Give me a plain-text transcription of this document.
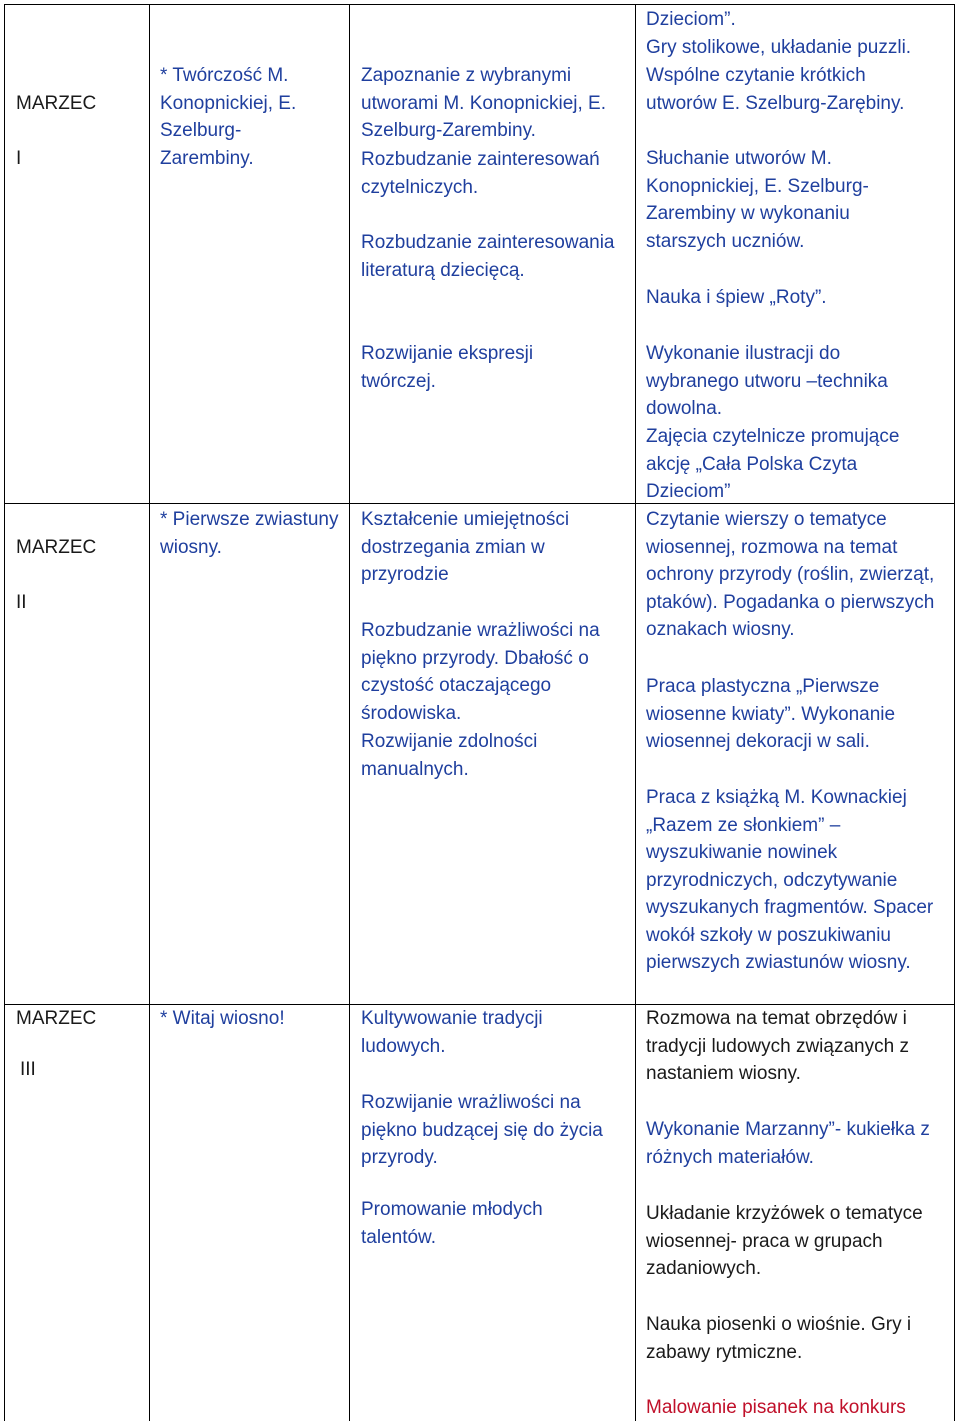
MARZEC

I

* Twórczość M. Konopnickiej, E. Szelburg-
Zarembiny.
Zapoznanie z wybranymi utworami M. Konopnickiej, E. Szelburg-Zarembiny.
Rozbudzanie zainteresowań czytelniczych.
Rozbudzanie zainteresowania literaturą dziecięcą.
Rozwijanie ekspresji twórczej.
Dzieciom”.
Gry stolikowe, układanie puzzli.
Wspólne czytanie krótkich utworów E. Szelburg-Zarębiny.
Słuchanie utworów M. Konopnickiej, E. Szelburg-
Zarembiny w wykonaniu starszych uczniów.
Nauka i śpiew „Roty”.
Wykonanie ilustracji do wybranego utworu –technika dowolna.
Zajęcia czytelnicze promujące akcję „Cała Polska Czyta Dzieciom”

MARZEC

II

* Pierwsze zwiastuny wiosny.
Kształcenie umiejętności dostrzegania zmian w przyrodzie
Rozbudzanie wrażliwości na piękno przyrody. Dbałość o czystość otaczającego środowiska.
Rozwijanie zdolności manualnych.
Czytanie wierszy o tematyce wiosennej, rozmowa na temat ochrony przyrody (roślin, zwierząt, ptaków). Pogadanka o pierwszych oznakach wiosny.
Praca plastyczna „Pierwsze wiosenne kwiaty”. Wykonanie wiosennej dekoracji w sali.
Praca z książką M. Kownackiej „Razem ze słonkiem” – wyszukiwanie nowinek przyrodniczych, odczytywanie wyszukanych fragmentów. Spacer wokół szkoły w poszukiwaniu pierwszych zwiastunów wiosny.
MARZEC
III
* Witaj wiosno!	Kultywowanie tradycji ludowych.
Rozwijanie wrażliwości na piękno budzącej się do życia przyrody.
Promowanie młodych talentów.
Rozmowa na temat obrzędów i tradycji ludowych związanych z nastaniem wiosny.
Wykonanie Marzanny”- kukiełka z różnych materiałów.
Układanie krzyżówek o tematyce wiosennej- praca w grupach zadaniowych.
Nauka piosenki o wiośnie. Gry i zabawy rytmiczne.
Malowanie pisanek na konkurs
